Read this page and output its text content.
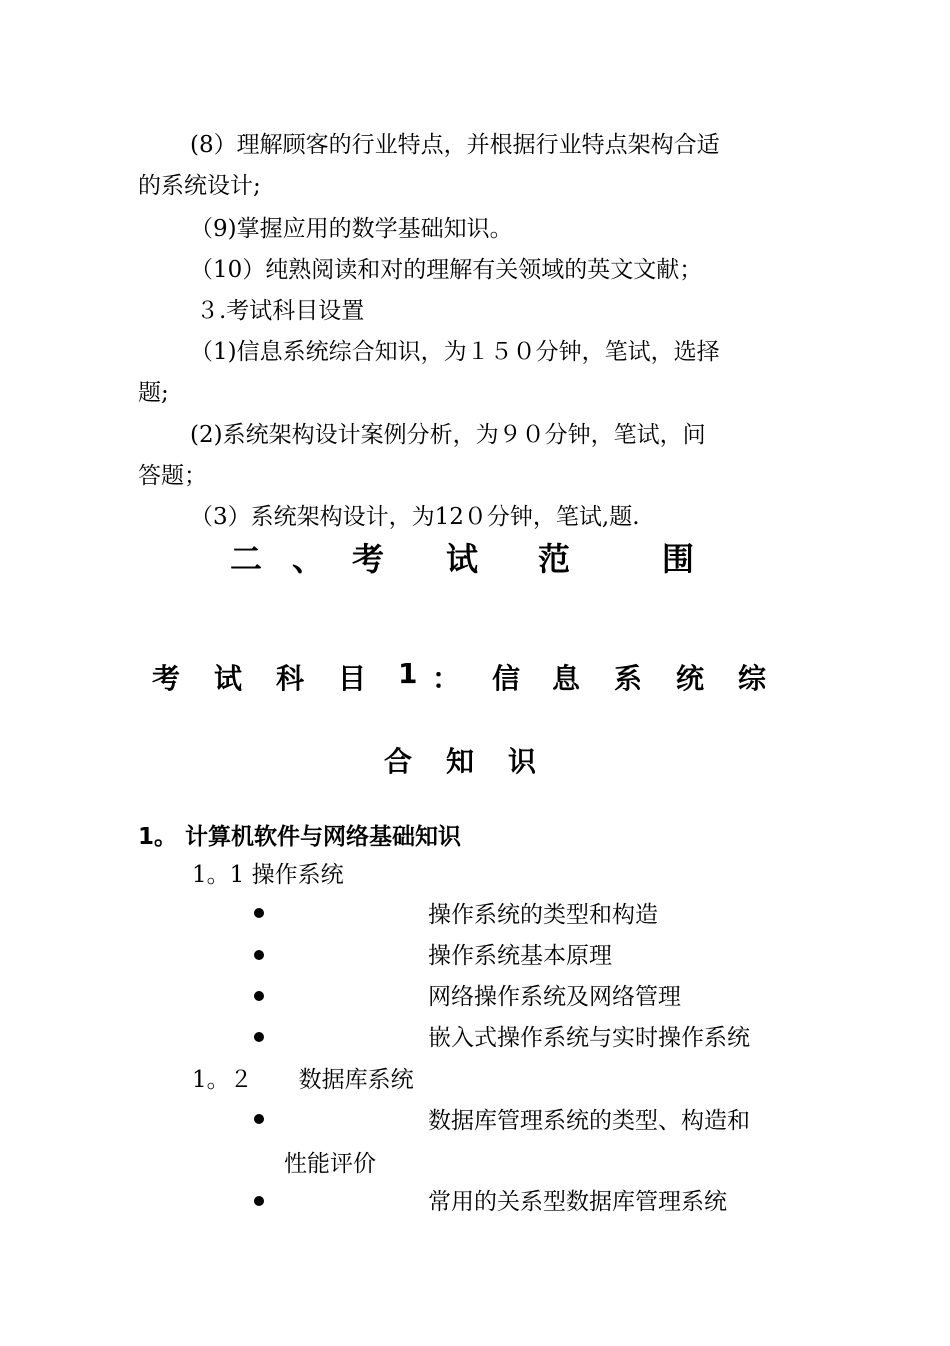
(8）理解顾客的行业特点，并根据行业特点架构合适
的系统设计;
（9)掌握应用的数学基础知识。
（10）纯熟阅读和对的理解有关领域的英文文献；
３.考试科目设置
（1)信息系统综合知识，为１５０分钟，笔试，选择
题;
(2)系统架构设计案例分析，为９０分钟，笔试，问
答题；
（3）系统架构设计，为12０分钟，笔试,题.
二 、 考 试 范	围
考 试 科 目 1 ： 信 息 系 统 综
合 知 识
1。 计算机软件与网络基础知识
1。1 操作系统
操作系统的类型和构造
操作系统基本原理
网络操作系统及网络管理
嵌入式操作系统与实时操作系统
1。２　　数据库系统
数据库管理系统的类型、构造和
性能评价
常用的关系型数据库管理系统
